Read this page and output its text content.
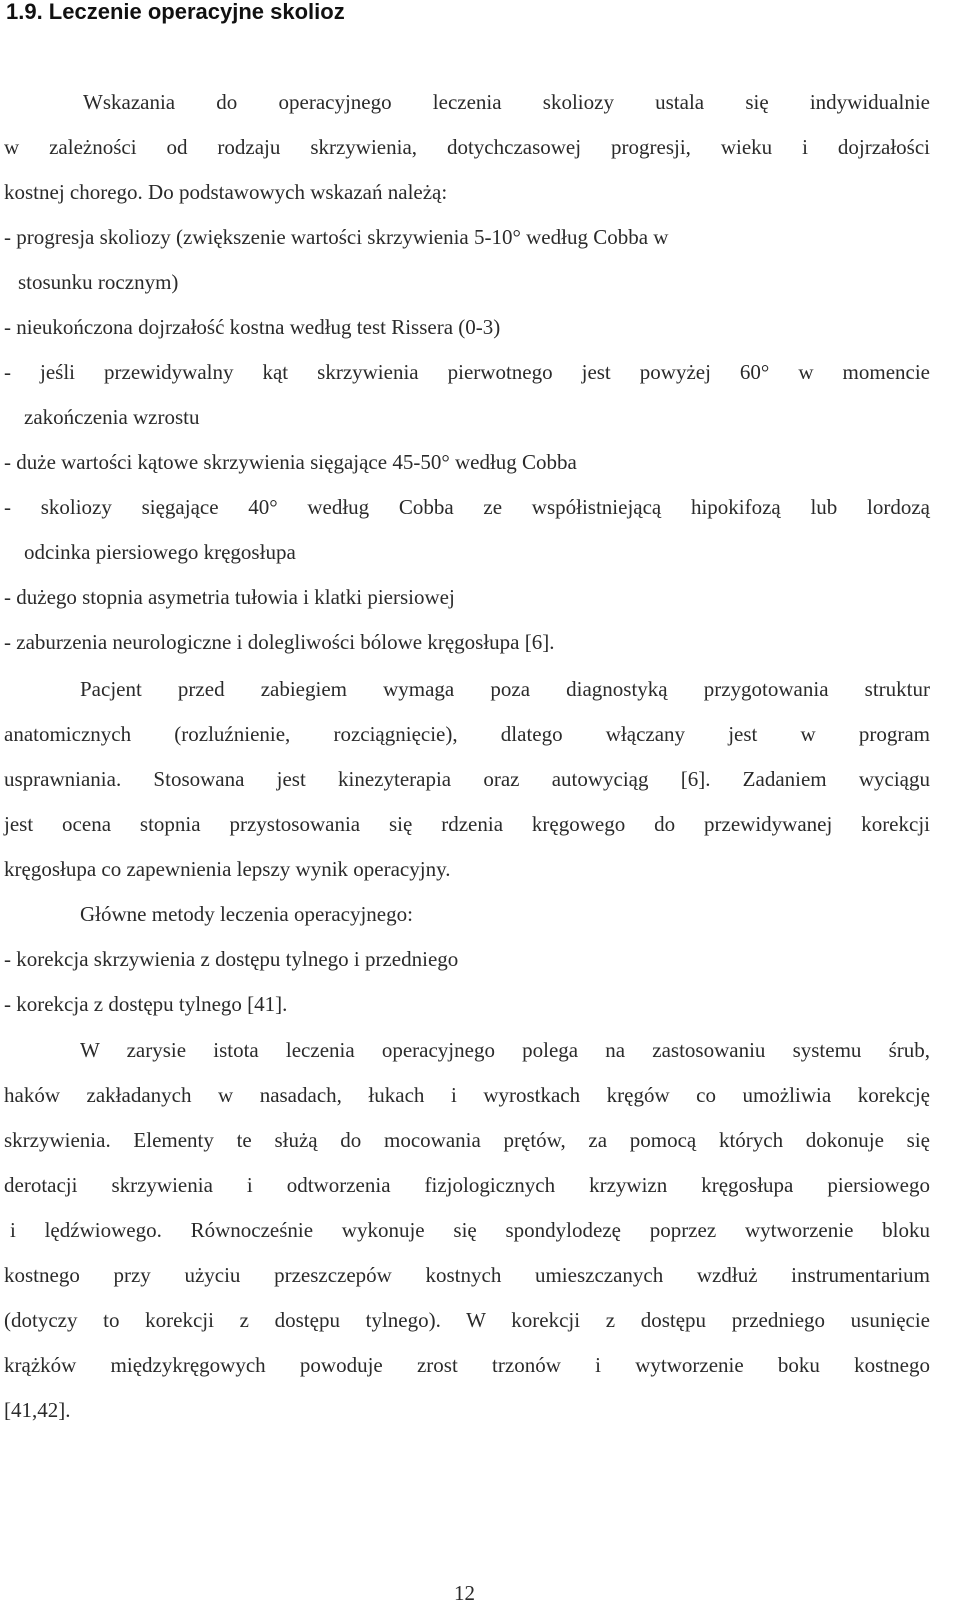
1.9. Leczenie operacyjne skolioz
Wskazania do operacyjnego leczenia skoliozy ustala się indywidualnie
w zależności od rodzaju skrzywienia, dotychczasowej progresji, wieku i dojrzałości
kostnej chorego. Do podstawowych wskazań należą:
- progresja skoliozy (zwiększenie wartości skrzywienia 5-10° według Cobba w
stosunku rocznym)
- nieukończona dojrzałość kostna według test Rissera (0-3)
- jeśli przewidywalny kąt skrzywienia pierwotnego jest powyżej 60° w momencie
zakończenia wzrostu
- duże wartości kątowe skrzywienia sięgające 45-50° według Cobba
- skoliozy sięgające 40° według Cobba ze współistniejącą hipokifozą lub lordozą
odcinka piersiowego kręgosłupa
- dużego stopnia asymetria tułowia i klatki piersiowej
- zaburzenia neurologiczne i dolegliwości bólowe kręgosłupa [6].
Pacjent przed zabiegiem wymaga poza diagnostyką przygotowania struktur
anatomicznych (rozluźnienie, rozciągnięcie), dlatego włączany jest w program
usprawniania. Stosowana jest kinezyterapia oraz autowyciąg [6]. Zadaniem wyciągu
jest ocena stopnia przystosowania się rdzenia kręgowego do przewidywanej korekcji
kręgosłupa co zapewnienia lepszy wynik operacyjny.
Główne metody leczenia operacyjnego:
- korekcja skrzywienia z dostępu tylnego i przedniego
- korekcja z dostępu tylnego [41].
W zarysie istota leczenia operacyjnego polega na zastosowaniu systemu śrub,
haków zakładanych w nasadach, łukach i wyrostkach kręgów co umożliwia korekcję
skrzywienia. Elementy te służą do mocowania prętów, za pomocą których dokonuje się
derotacji skrzywienia i odtworzenia fizjologicznych krzywizn kręgosłupa piersiowego
i lędźwiowego. Równocześnie wykonuje się spondylodezę poprzez wytworzenie bloku
kostnego przy użyciu przeszczepów kostnych umieszczanych wzdłuż instrumentarium
(dotyczy to korekcji z dostępu tylnego). W korekcji z dostępu przedniego usunięcie
krążków międzykręgowych powoduje zrost trzonów i wytworzenie boku kostnego
[41,42].
12
